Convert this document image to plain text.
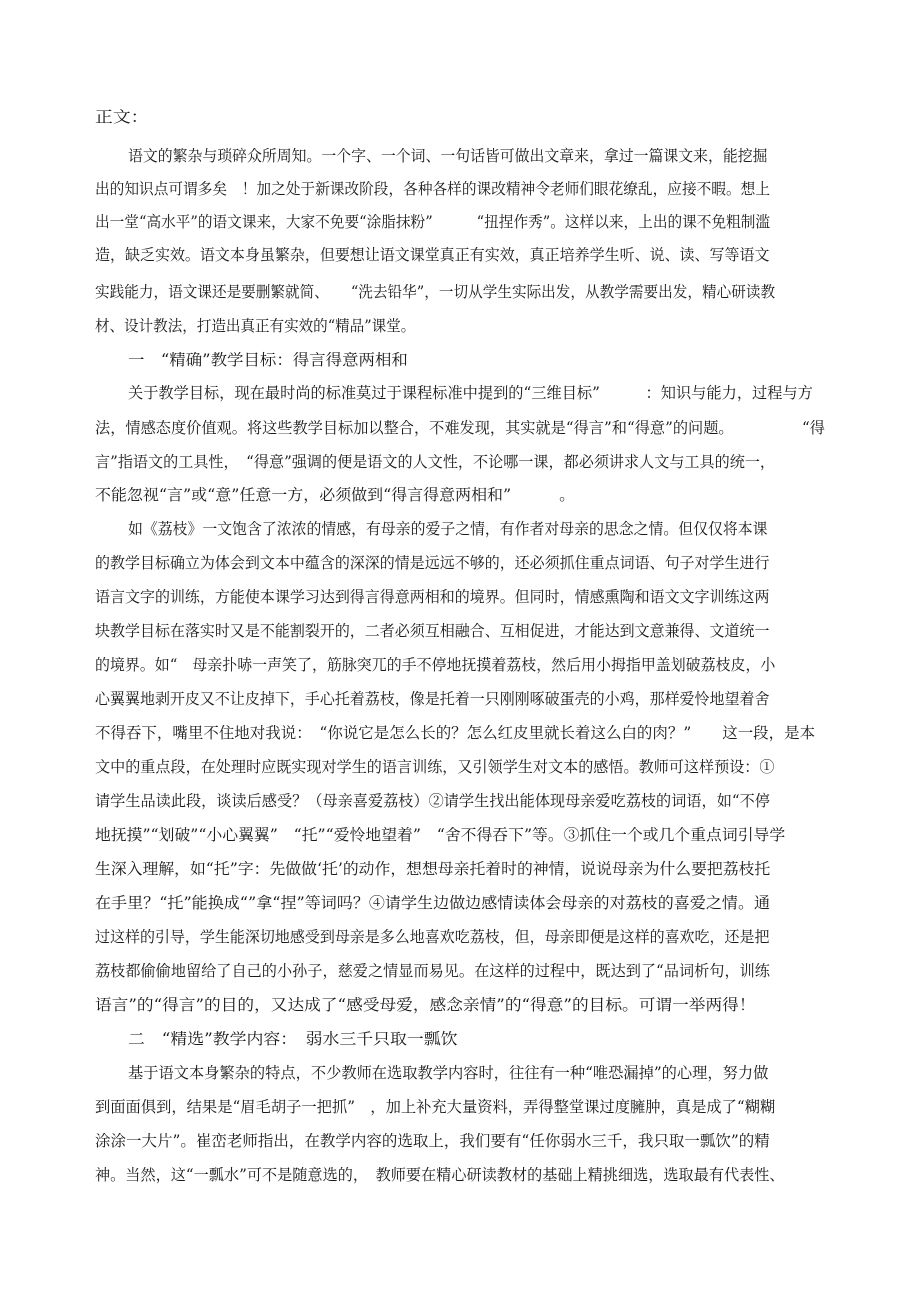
正文：
语文的繁杂与琐碎众所周知。一个字、一个词、一句话皆可做出文章来，拿过一篇课文来，能挖掘
出的知识点可谓多矣　！加之处于新课改阶段，各种各样的课改精神令老师们眼花缭乱，应接不暇。想上
出一堂“高水平”的语文课来，大家不免要“涂脂抹粉”　　　“扭捏作秀”。这样以来，上出的课不免粗制滥
造，缺乏实效。语文本身虽繁杂，但要想让语文课堂真正有实效，真正培养学生听、说、读、写等语文
实践能力，语文课还是要删繁就简、　　“洗去铅华”，一切从学生实际出发，从教学需要出发，精心研读教
材、设计教法，打造出真正有实效的“精品”课堂。
一　“精确”教学目标：得言得意两相和
关于教学目标，现在最时尚的标准莫过于课程标准中提到的“三维目标”　　　：知识与能力，过程与方
法，情感态度价值观。将这些教学目标加以整合，不难发现，其实就是“得言”和“得意”的问题。　　　　　“得
言”指语文的工具性，　“得意”强调的便是语文的人文性，不论哪一课，都必须讲求人文与工具的统一，
不能忽视“言”或“意”任意一方，必须做到“得言得意两相和”　　　。
如《荔枝》一文饱含了浓浓的情感，有母亲的爱子之情，有作者对母亲的思念之情。但仅仅将本课
的教学目标确立为体会到文本中蕴含的深深的情是远远不够的，还必须抓住重点词语、句子对学生进行
语言文字的训练，方能使本课学习达到得言得意两相和的境界。但同时，情感熏陶和语文文字训练这两
块教学目标在落实时又是不能割裂开的，二者必须互相融合、互相促进，才能达到文意兼得、文道统一
的境界。如“　母亲扑哧一声笑了，筋脉突兀的手不停地抚摸着荔枝，然后用小拇指甲盖划破荔枝皮，小
心翼翼地剥开皮又不让皮掉下，手心托着荔枝，像是托着一只刚刚啄破蛋壳的小鸡，那样爱怜地望着舍
不得吞下，嘴里不住地对我说：　“你说它是怎么长的？怎么红皮里就长着这么白的肉？”　　这一段，是本
文中的重点段，在处理时应既实现对学生的语言训练，又引领学生对文本的感悟。教师可这样预设：①
请学生品读此段，谈读后感受？（母亲喜爱荔枝）②请学生找出能体现母亲爱吃荔枝的词语，如“不停
地抚摸”“划破”“小心翼翼”　“托”“爱怜地望着”　“舍不得吞下”等。③抓住一个或几个重点词引导学
生深入理解，如“托”字：先做做‘托’的动作，想想母亲托着时的神情，说说母亲为什么要把荔枝托
在手里？“托”能换成“”拿“捏”等词吗？④请学生边做边感情读体会母亲的对荔枝的喜爱之情。通
过这样的引导，学生能深切地感受到母亲是多么地喜欢吃荔枝，但，母亲即便是这样的喜欢吃，还是把
荔枝都偷偷地留给了自己的小孙子，慈爱之情显而易见。在这样的过程中，既达到了“品词析句，训练
语言”的“得言”的目的，又达成了“感受母爱，感念亲情”的“得意”的目标。可谓一举两得！
二　“精选”教学内容：　弱水三千只取一瓢饮
基于语文本身繁杂的特点，不少教师在选取教学内容时，往往有一种“唯恐漏掉”的心理，努力做
到面面俱到，结果是“眉毛胡子一把抓”　，加上补充大量资料，弄得整堂课过度臃肿，真是成了“糊糊
涂涂一大片”。崔峦老师指出，在教学内容的选取上，我们要有“任你弱水三千，我只取一瓢饮”的精
神。当然，这“一瓢水”可不是随意选的，　教师要在精心研读教材的基础上精挑细选，选取最有代表性、
